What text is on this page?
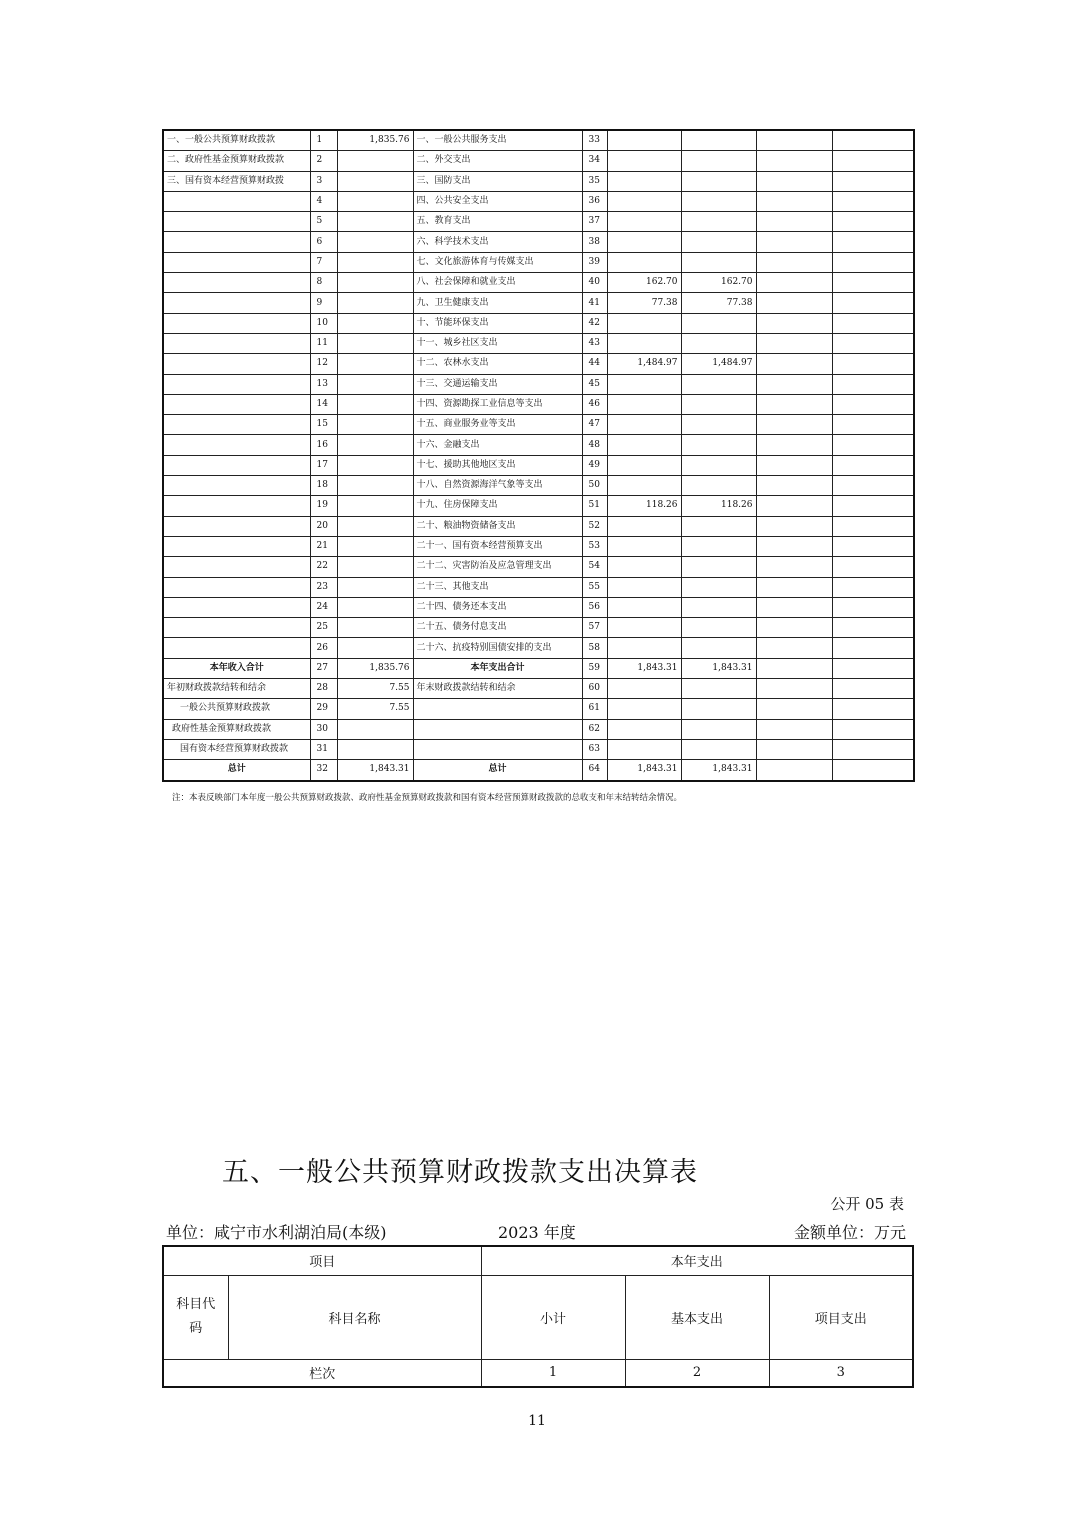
一、一般公共预算财政拨款	1	1,835.76	一、一般公共服务支出	33				
二、政府性基金预算财政拨款	2		二、外交支出	34				
三、国有资本经营预算财政拨	3		三、国防支出	35				
	4		四、公共安全支出	36				
	5		五、教育支出	37				
	6		六、科学技术支出	38				
	7		七、文化旅游体育与传媒支出	39				
	8		八、社会保障和就业支出	40	162.70	162.70		
	9		九、卫生健康支出	41	77.38	77.38		
	10		十、节能环保支出	42				
	11		十一、城乡社区支出	43				
	12		十二、农林水支出	44	1,484.97	1,484.97		
	13		十三、交通运输支出	45				
	14		十四、资源勘探工业信息等支出	46				
	15		十五、商业服务业等支出	47				
	16		十六、金融支出	48				
	17		十七、援助其他地区支出	49				
	18		十八、自然资源海洋气象等支出	50				
	19		十九、住房保障支出	51	118.26	118.26		
	20		二十、粮油物资储备支出	52				
	21		二十一、国有资本经营预算支出	53				
	22		二十二、灾害防治及应急管理支出	54				
	23		二十三、其他支出	55				
	24		二十四、债务还本支出	56				
	25		二十五、债务付息支出	57				
	26		二十六、抗疫特别国债安排的支出	58				
本年收入合计	27	1,835.76	本年支出合计	59	1,843.31	1,843.31		
年初财政拨款结转和结余	28	7.55	年末财政拨款结转和结余	60				
一般公共预算财政拨款	29	7.55		61				
政府性基金预算财政拨款	30			62				
国有资本经营预算财政拨款	31			63				
总计	32	1,843.31	总计	64	1,843.31	1,843.31		
注：本表反映部门本年度一般公共预算财政拨款、政府性基金预算财政拨款和国有资本经营预算财政拨款的总收支和年末结转结余情况。
五、一般公共预算财政拨款支出决算表
公开 05 表
单位：咸宁市水利湖泊局(本级)	2023 年度	金额单位：万元
项目		本年支出		
科目代码	科目名称	小计	基本支出	项目支出
栏次		1	2	3
11
